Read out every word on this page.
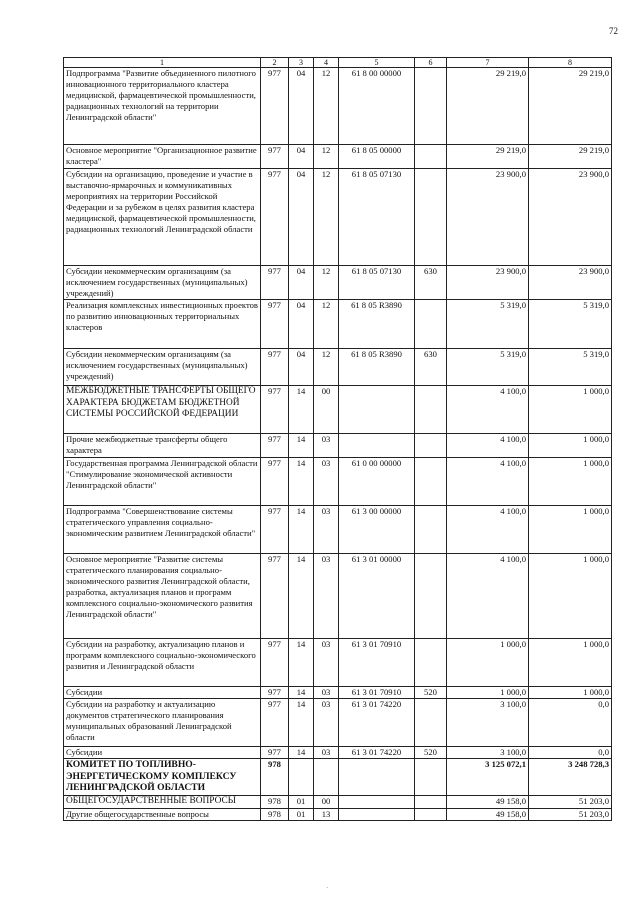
72
1	2	3	4	5	6	7	8
Подпрограмма "Развитие объединенного пилотного инновационного территориального кластера медицинской, фармацевтической промышленности, радиационных технологий на территории Ленинградской области"	977	04	12	61 8 00 00000		29 219,0	29 219,0
Основное мероприятие "Организационное развитие кластера"	977	04	12	61 8 05 00000		29 219,0	29 219,0
Субсидии на организацию, проведение и участие в выставочно-ярмарочных и коммуникативных мероприятиях на территории Российской Федерации и за рубежом в целях развития кластера медицинской, фармацевтической промышленности, радиационных технологий Ленинградской области	977	04	12	61 8 05 07130		23 900,0	23 900,0
Субсидии некоммерческим организациям (за исключением государственных (муниципальных) учреждений)	977	04	12	61 8 05 07130	630	23 900,0	23 900,0
Реализация комплексных инвестиционных проектов по развитию инновационных территориальных кластеров	977	04	12	61 8 05 R3890		5 319,0	5 319,0
Субсидии некоммерческим организациям (за исключением государственных (муниципальных) учреждений)	977	04	12	61 8 05 R3890	630	5 319,0	5 319,0
МЕЖБЮДЖЕТНЫЕ ТРАНСФЕРТЫ ОБЩЕГО ХАРАКТЕРА БЮДЖЕТАМ БЮДЖЕТНОЙ СИСТЕМЫ РОССИЙСКОЙ ФЕДЕРАЦИИ	977	14	00			4 100,0	1 000,0
Прочие межбюджетные трансферты общего характера	977	14	03			4 100,0	1 000,0
Государственная программа Ленинградской области "Стимулирование экономической активности Ленинградской области"	977	14	03	61 0 00 00000		4 100,0	1 000,0
Подпрограмма "Совершенствование системы стратегического управления социально-экономическим развитием Ленинградской области"	977	14	03	61 3 00 00000		4 100,0	1 000,0
Основное мероприятие "Развитие системы стратегического планирования социально-экономического развития Ленинградской области, разработка, актуализация планов и программ комплексного социально-экономического развития Ленинградской области"	977	14	03	61 3 01 00000		4 100,0	1 000,0
Субсидии на разработку, актуализацию планов и программ комплексного социально-экономического развития и Ленинградской области	977	14	03	61 3 01 70910		1 000,0	1 000,0
Субсидии	977	14	03	61 3 01 70910	520	1 000,0	1 000,0
Субсидии на разработку и актуализацию документов стратегического планирования муниципальных образований Ленинградской области	977	14	03	61 3 01 74220		3 100,0	0,0
Субсидии	977	14	03	61 3 01 74220	520	3 100,0	0,0
КОМИТЕТ ПО ТОПЛИВНО-ЭНЕРГЕТИЧЕСКОМУ КОМПЛЕКСУ ЛЕНИНГРАДСКОЙ ОБЛАСТИ	978					3 125 072,1	3 248 728,3
ОБЩЕГОСУДАРСТВЕННЫЕ ВОПРОСЫ	978	01	00			49 158,0	51 203,0
Другие общегосударственные вопросы	978	01	13			49 158,0	51 203,0
·
